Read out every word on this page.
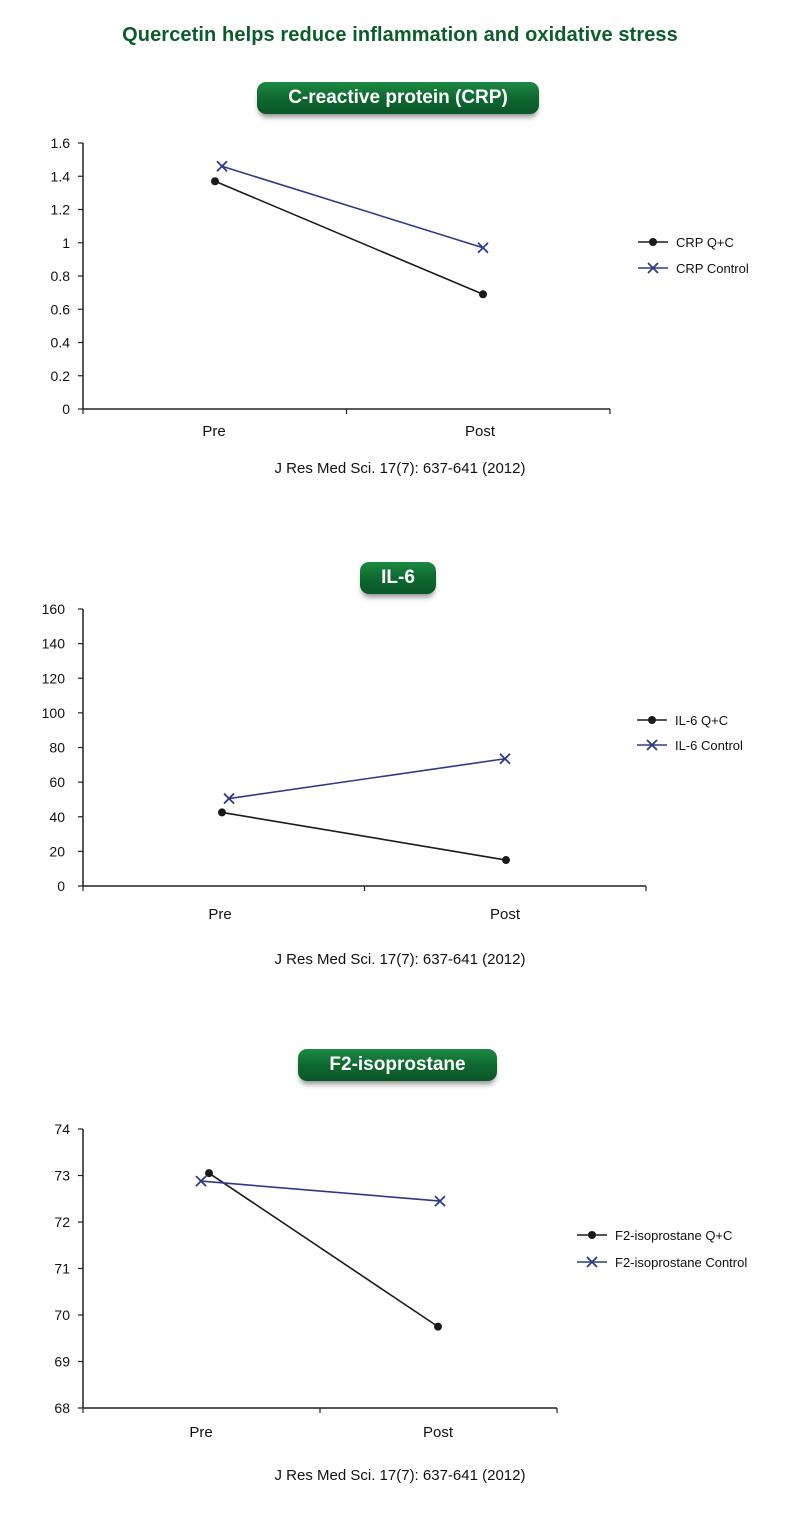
Quercetin helps reduce inflammation and oxidative stress
C-reactive protein (CRP)
0
0.2
0.4
0.6
0.8
1
1.2
1.4
1.6
Pre	Post
CRP Q+C
CRP Control
J Res Med Sci. 17(7): 637-641 (2012)
IL-6
0
20
40
60
80
100
120
140
160
Pre	Post
IL-6 Q+C
IL-6 Control
J Res Med Sci. 17(7): 637-641 (2012)
F2-isoprostane
68
69
70
71
72
73
74
Pre	Post
F2-isoprostane Q+C
F2-isoprostane Control
J Res Med Sci. 17(7): 637-641 (2012)
